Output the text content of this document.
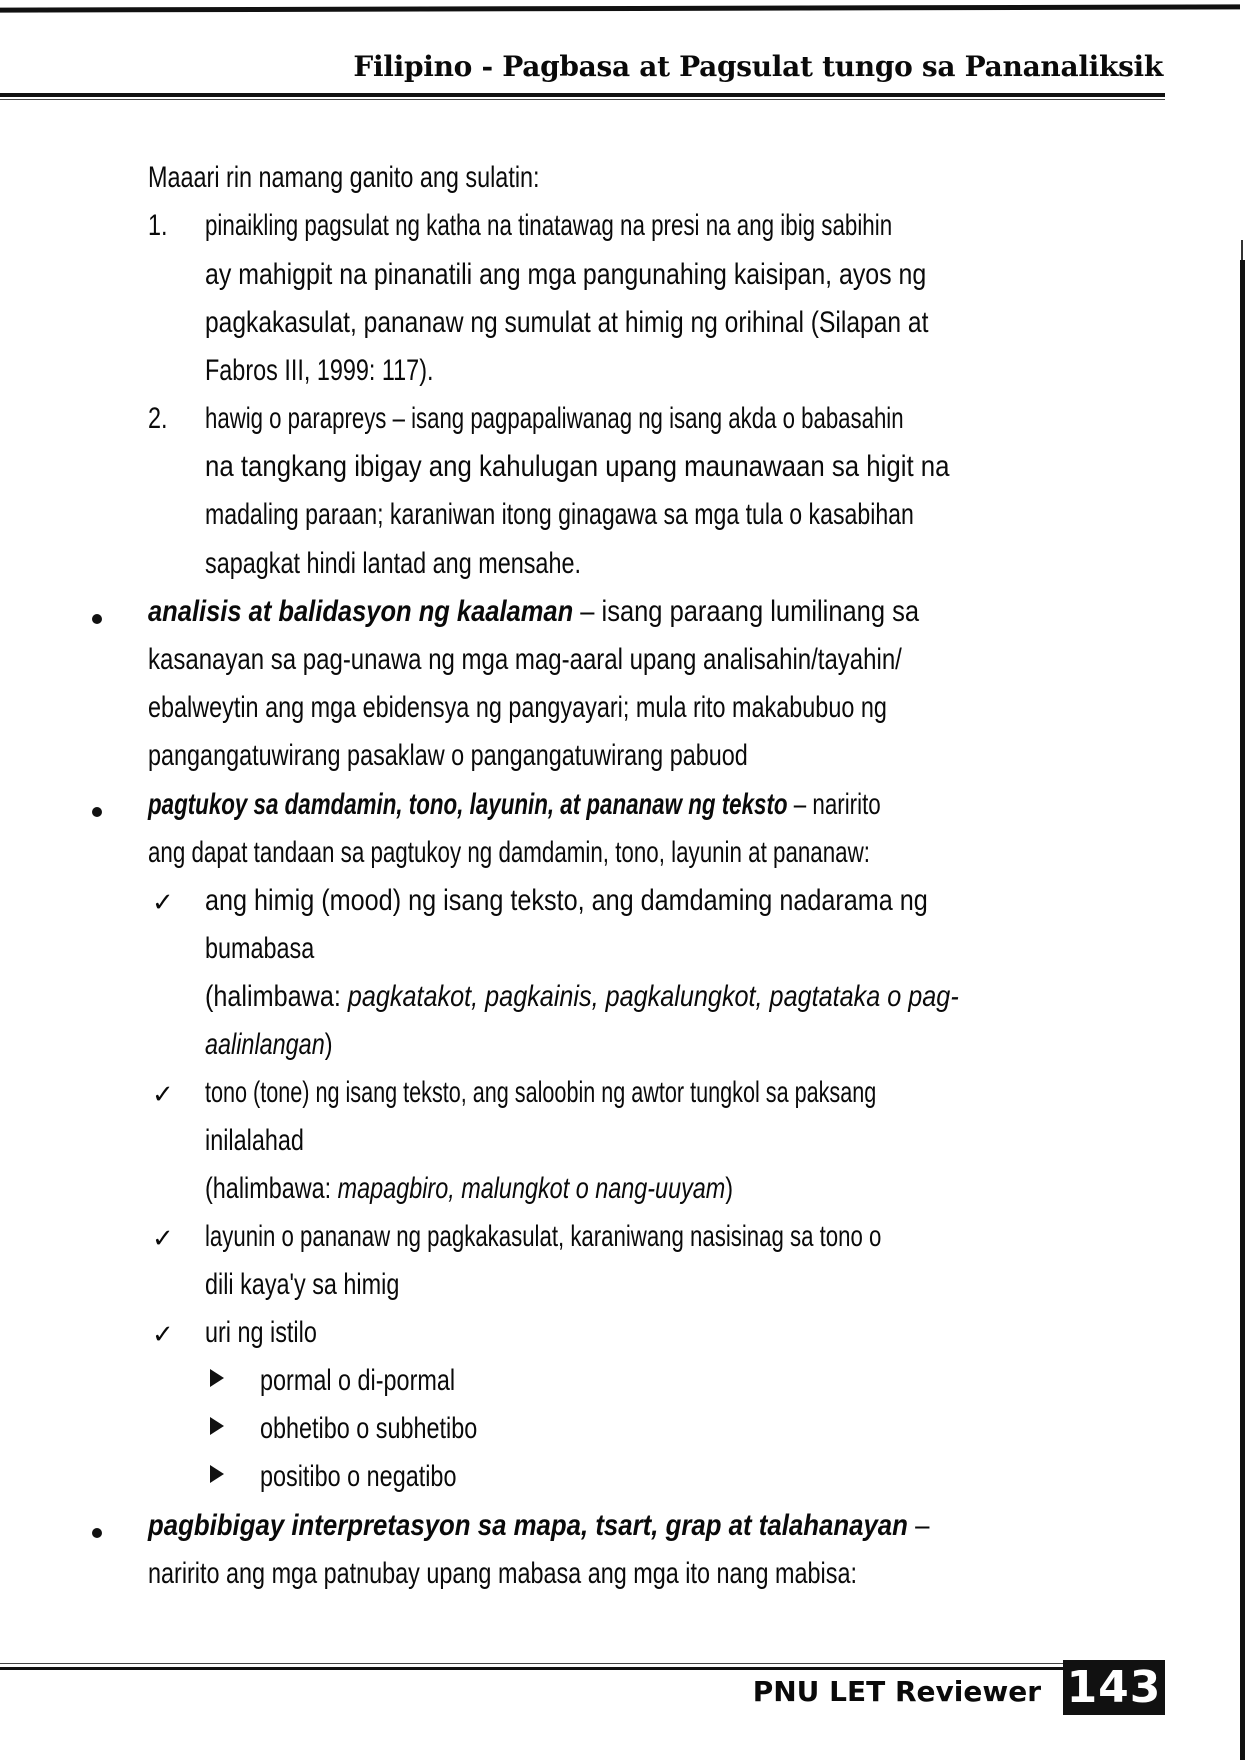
Filipino - Pagbasa at Pagsulat tungo sa Pananaliksik
Maaari rin namang ganito ang sulatin:
1. pinaikling pagsulat ng katha na tinatawag na presi na ang ibig sabihin
ay mahigpit na pinanatili ang mga pangunahing kaisipan, ayos ng
pagkakasulat, pananaw ng sumulat at himig ng orihinal (Silapan at
Fabros III, 1999: 117).
2. hawig o parapreys – isang pagpapaliwanag ng isang akda o babasahin
na tangkang ibigay ang kahulugan upang maunawaan sa higit na
madaling paraan; karaniwan itong ginagawa sa mga tula o kasabihan
sapagkat hindi lantad ang mensahe.
analisis at balidasyon ng kaalaman – isang paraang lumilinang sa
kasanayan sa pag-unawa ng mga mag-aaral upang analisahin/tayahin/
ebalweytin ang mga ebidensya ng pangyayari; mula rito makabubuo ng
pangangatuwirang pasaklaw o pangangatuwirang pabuod
pagtukoy sa damdamin, tono, layunin, at pananaw ng teksto – naririto
ang dapat tandaan sa pagtukoy ng damdamin, tono, layunin at pananaw:
✓ ang himig (mood) ng isang teksto, ang damdaming nadarama ng
bumabasa
(halimbawa: pagkatakot, pagkainis, pagkalungkot, pagtataka o pag-
aalinlangan)
✓ tono (tone) ng isang teksto, ang saloobin ng awtor tungkol sa paksang
inilalahad
(halimbawa: mapagbiro, malungkot o nang-uuyam)
✓ layunin o pananaw ng pagkakasulat, karaniwang nasisinag sa tono o
dili kaya'y sa himig
✓ uri ng istilo
pormal o di-pormal
obhetibo o subhetibo
positibo o negatibo
pagbibigay interpretasyon sa mapa, tsart, grap at talahanayan –
naririto ang mga patnubay upang mabasa ang mga ito nang mabisa:
PNU LET Reviewer 143
